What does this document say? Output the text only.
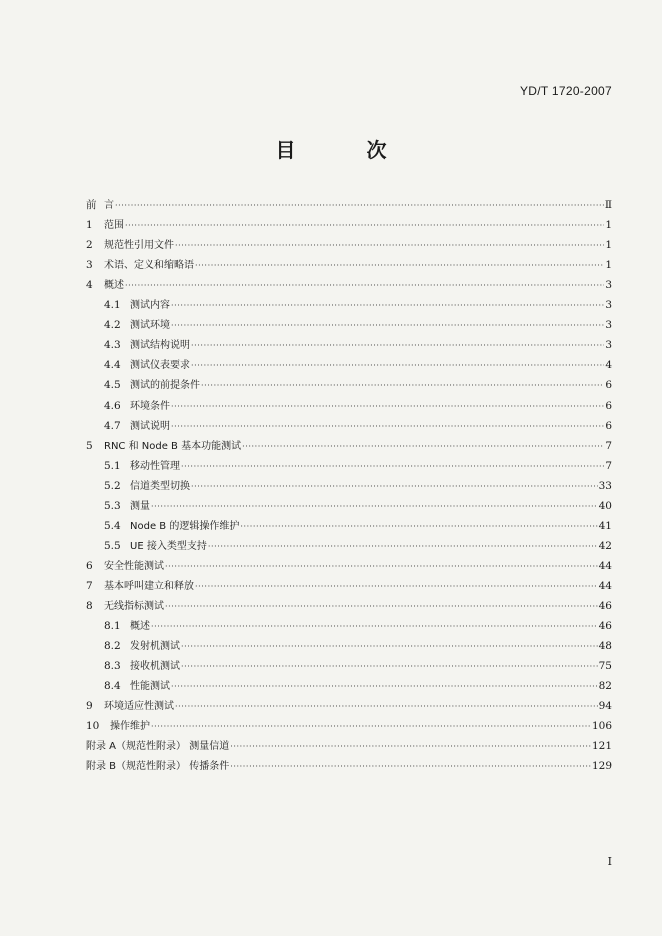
YD/T 1720-2007
目 次
前 言 ·····	Ⅱ
1	范围 ·····	1
2	规范性引用文件 ·····	1
3	术语、定义和缩略语 ·····	1
4	概述 ·····	3
4.1 测试内容 ·····	3
4.2 测试环境 ·····	3
4.3 测试结构说明 ·····	3
4.4 测试仪表要求 ·····	4
4.5 测试的前提条件 ·····	6
4.6 环境条件 ·····	6
4.7 测试说明 ·····	6
5	RNC 和 Node B 基本功能测试 ·····	7
5.1 移动性管理 ·····	7
5.2 信道类型切换 ·····	33
5.3 测量 ·····	40
5.4 Node B 的逻辑操作维护 ·····	41
5.5 UE 接入类型支持 ·····	42
6	安全性能测试 ·····	44
7	基本呼叫建立和释放 ·····	44
8	无线指标测试 ·····	46
8.1 概述 ·····	46
8.2 发射机测试 ·····	48
8.3 接收机测试 ·····	75
8.4 性能测试 ·····	82
9	环境适应性测试 ·····	94
10	操作维护 ·····	106
附录 A（规范性附录） 测量信道 ·····	121
附录 B（规范性附录） 传播条件 ·····	129
I
